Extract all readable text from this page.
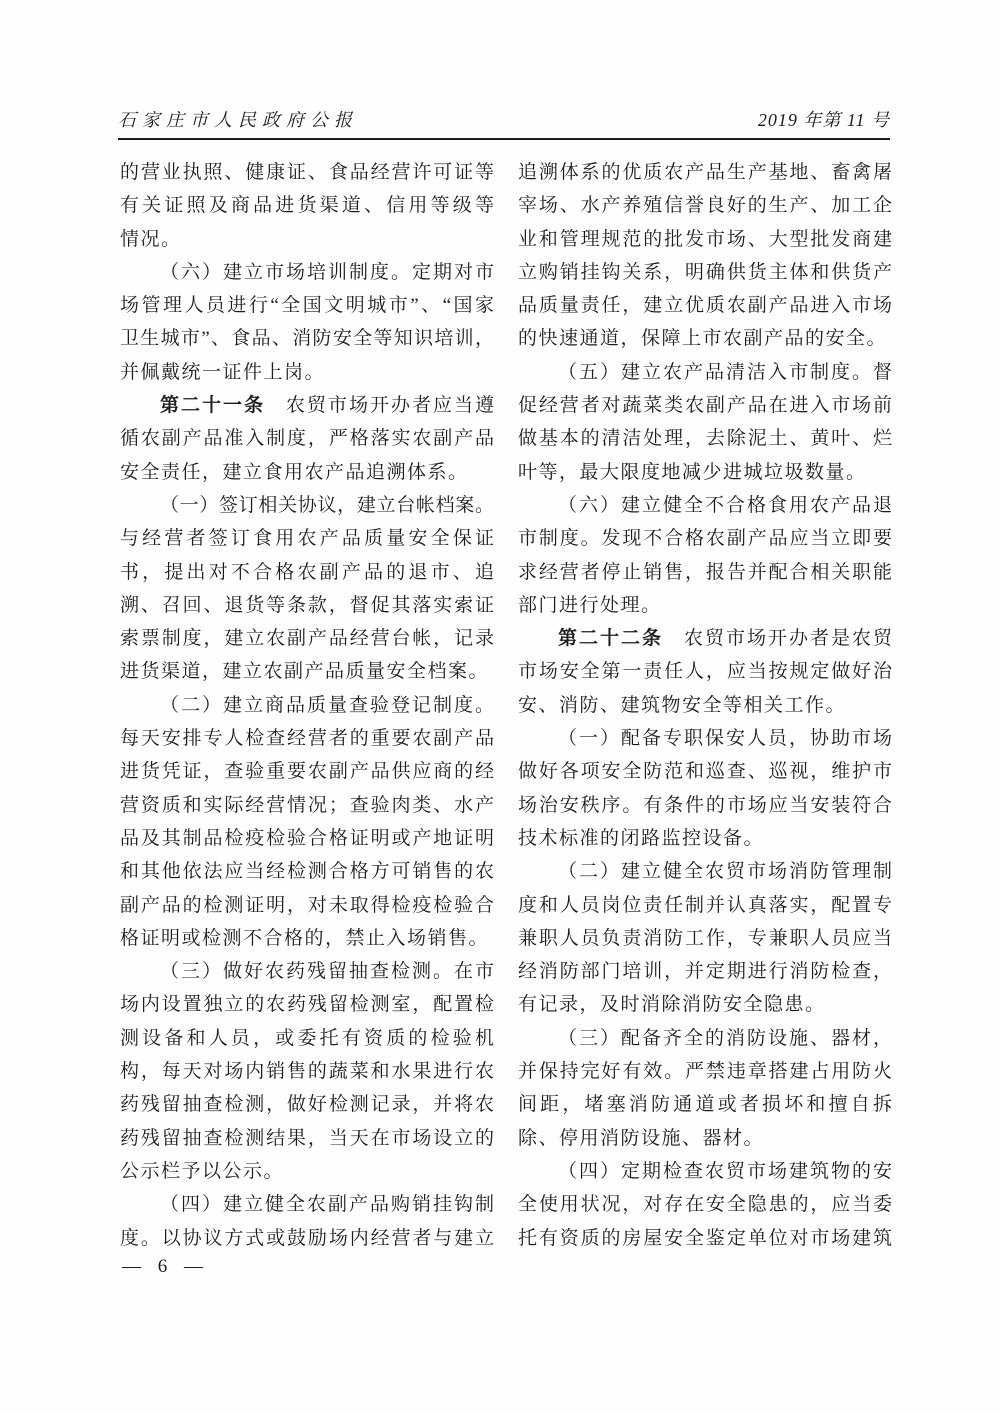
石家庄市人民政府公报	2019 年第 11 号
的营业执照、健康证、食品经营许可证等
有关证照及商品进货渠道、信用等级等
情况。
（六）建立市场培训制度。定期对市
场管理人员进行“全国文明城市”、“国家
卫生城市”、食品、消防安全等知识培训，
并佩戴统一证件上岗。
第二十一条　农贸市场开办者应当遵
循农副产品准入制度，严格落实农副产品
安全责任，建立食用农产品追溯体系。
（一）签订相关协议，建立台帐档案。
与经营者签订食用农产品质量安全保证
书，提出对不合格农副产品的退市、追
溯、召回、退货等条款，督促其落实索证
索票制度，建立农副产品经营台帐，记录
进货渠道，建立农副产品质量安全档案。
（二）建立商品质量查验登记制度。
每天安排专人检查经营者的重要农副产品
进货凭证，查验重要农副产品供应商的经
营资质和实际经营情况；查验肉类、水产
品及其制品检疫检验合格证明或产地证明
和其他依法应当经检测合格方可销售的农
副产品的检测证明，对未取得检疫检验合
格证明或检测不合格的，禁止入场销售。
（三）做好农药残留抽查检测。在市
场内设置独立的农药残留检测室，配置检
测设备和人员，或委托有资质的检验机
构，每天对场内销售的蔬菜和水果进行农
药残留抽查检测，做好检测记录，并将农
药残留抽查检测结果，当天在市场设立的
公示栏予以公示。
（四）建立健全农副产品购销挂钩制
度。以协议方式或鼓励场内经营者与建立
追溯体系的优质农产品生产基地、畜禽屠
宰场、水产养殖信誉良好的生产、加工企
业和管理规范的批发市场、大型批发商建
立购销挂钩关系，明确供货主体和供货产
品质量责任，建立优质农副产品进入市场
的快速通道，保障上市农副产品的安全。
（五）建立农产品清洁入市制度。督
促经营者对蔬菜类农副产品在进入市场前
做基本的清洁处理，去除泥土、黄叶、烂
叶等，最大限度地减少进城垃圾数量。
（六）建立健全不合格食用农产品退
市制度。发现不合格农副产品应当立即要
求经营者停止销售，报告并配合相关职能
部门进行处理。
第二十二条　农贸市场开办者是农贸
市场安全第一责任人，应当按规定做好治
安、消防、建筑物安全等相关工作。
（一）配备专职保安人员，协助市场
做好各项安全防范和巡查、巡视，维护市
场治安秩序。有条件的市场应当安装符合
技术标准的闭路监控设备。
（二）建立健全农贸市场消防管理制
度和人员岗位责任制并认真落实，配置专
兼职人员负责消防工作，专兼职人员应当
经消防部门培训，并定期进行消防检查，
有记录，及时消除消防安全隐患。
（三）配备齐全的消防设施、器材，
并保持完好有效。严禁违章搭建占用防火
间距，堵塞消防通道或者损坏和擅自拆
除、停用消防设施、器材。
（四）定期检查农贸市场建筑物的安
全使用状况，对存在安全隐患的，应当委
托有资质的房屋安全鉴定单位对市场建筑
— 6 —
